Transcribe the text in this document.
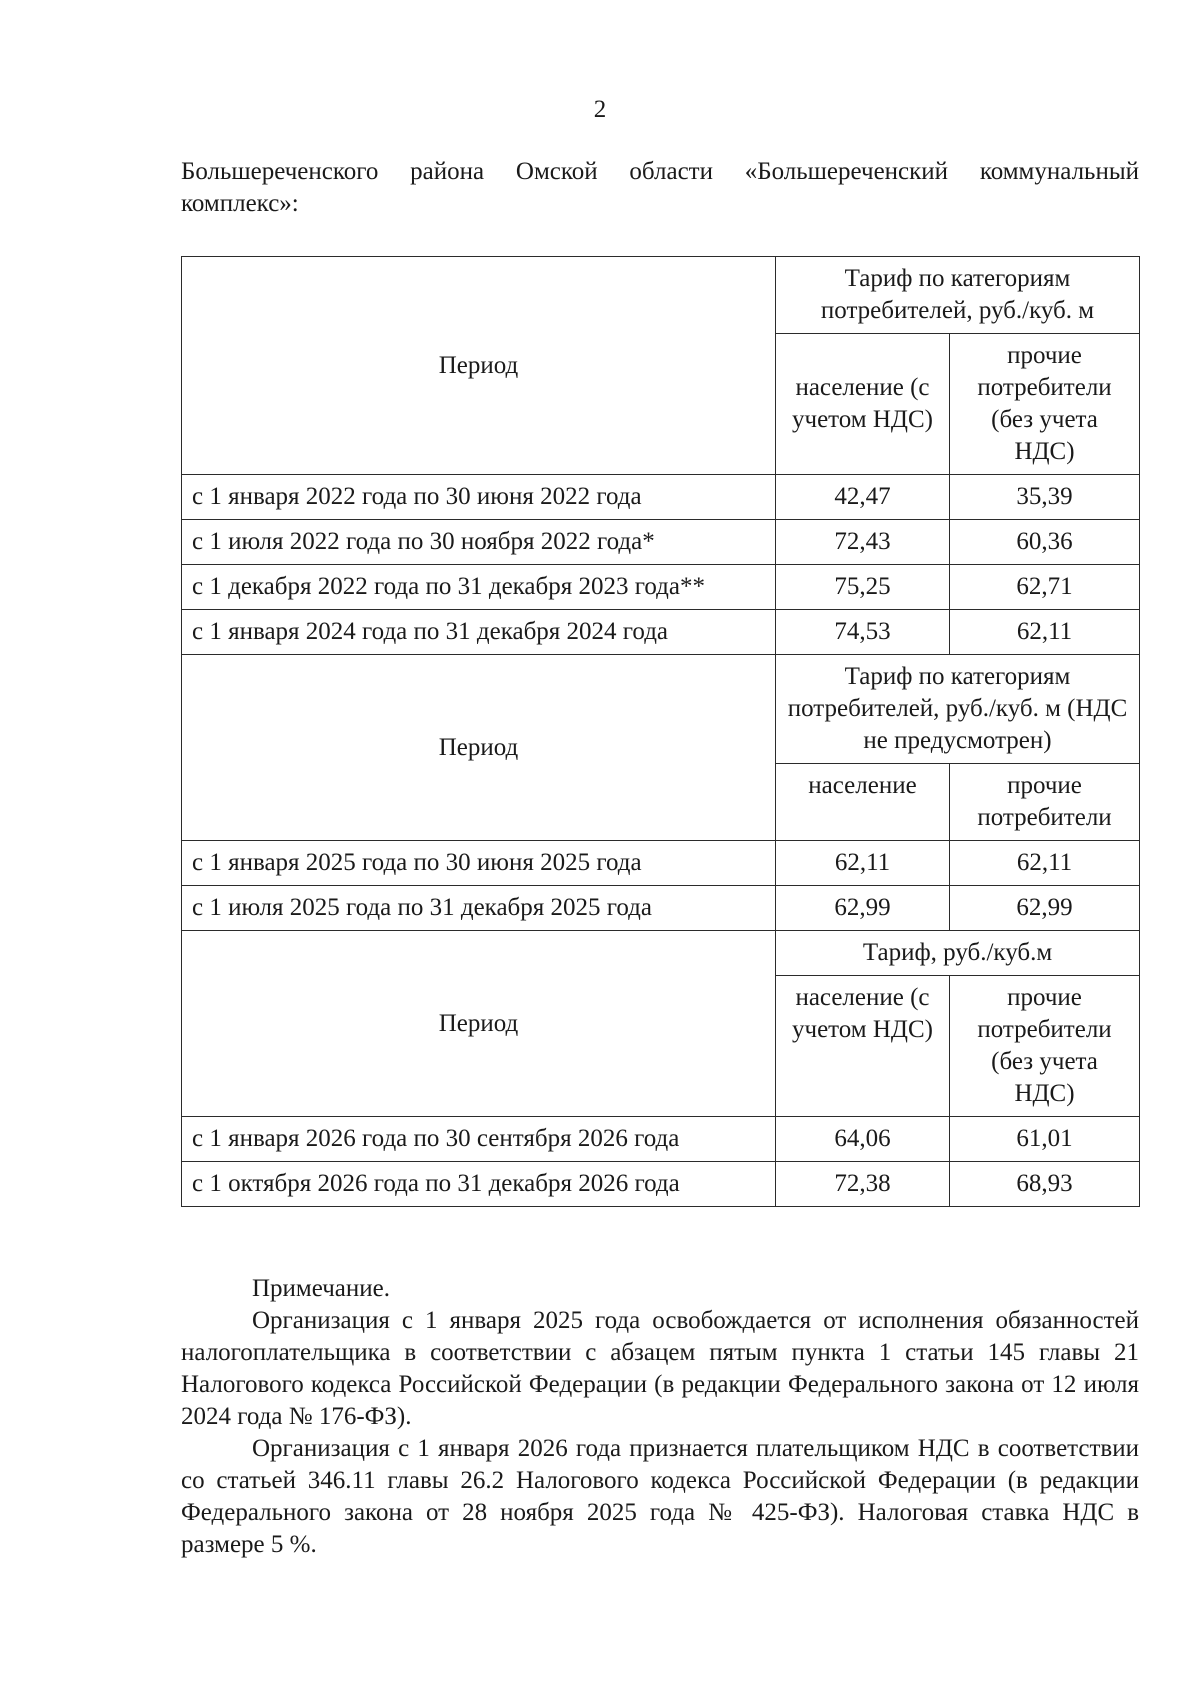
2
Большереченского района Омской области «Большереченский коммунальный
комплекс»:
Период	Тариф по категориям потребителей, руб./куб. м	
	население (с учетом НДС)	прочие потребители (без учета НДС)
с 1 января 2022 года по 30 июня 2022 года	42,47	35,39
с 1 июля 2022 года по 30 ноября 2022 года*	72,43	60,36
с 1 декабря 2022 года по 31 декабря 2023 года**	75,25	62,71
с 1 января 2024 года по 31 декабря 2024 года	74,53	62,11
Период	Тариф по категориям потребителей, руб./куб. м (НДС не предусмотрен)	
	население	прочие потребители
с 1 января 2025 года по 30 июня 2025 года	62,11	62,11
с 1 июля 2025 года по 31 декабря 2025 года	62,99	62,99
Период	Тариф, руб./куб.м	
	население (с учетом НДС)	прочие потребители (без учета НДС)
с 1 января 2026 года по 30 сентября 2026 года	64,06	61,01
с 1 октября 2026 года по 31 декабря 2026 года	72,38	68,93

Примечание.

Организация с 1 января 2025 года освобождается от исполнения обязанностей налогоплательщика в соответствии с абзацем пятым пункта 1 статьи 145 главы 21 Налогового кодекса Российской Федерации (в редакции Федерального закона от 12 июля 2024 года № 176-ФЗ).

Организация с 1 января 2026 года признается плательщиком НДС в соответствии со статьей 346.11 главы 26.2 Налогового кодекса Российской Федерации (в редакции Федерального закона от 28 ноября 2025 года № 425-ФЗ). Налоговая ставка НДС в размере 5 %.
